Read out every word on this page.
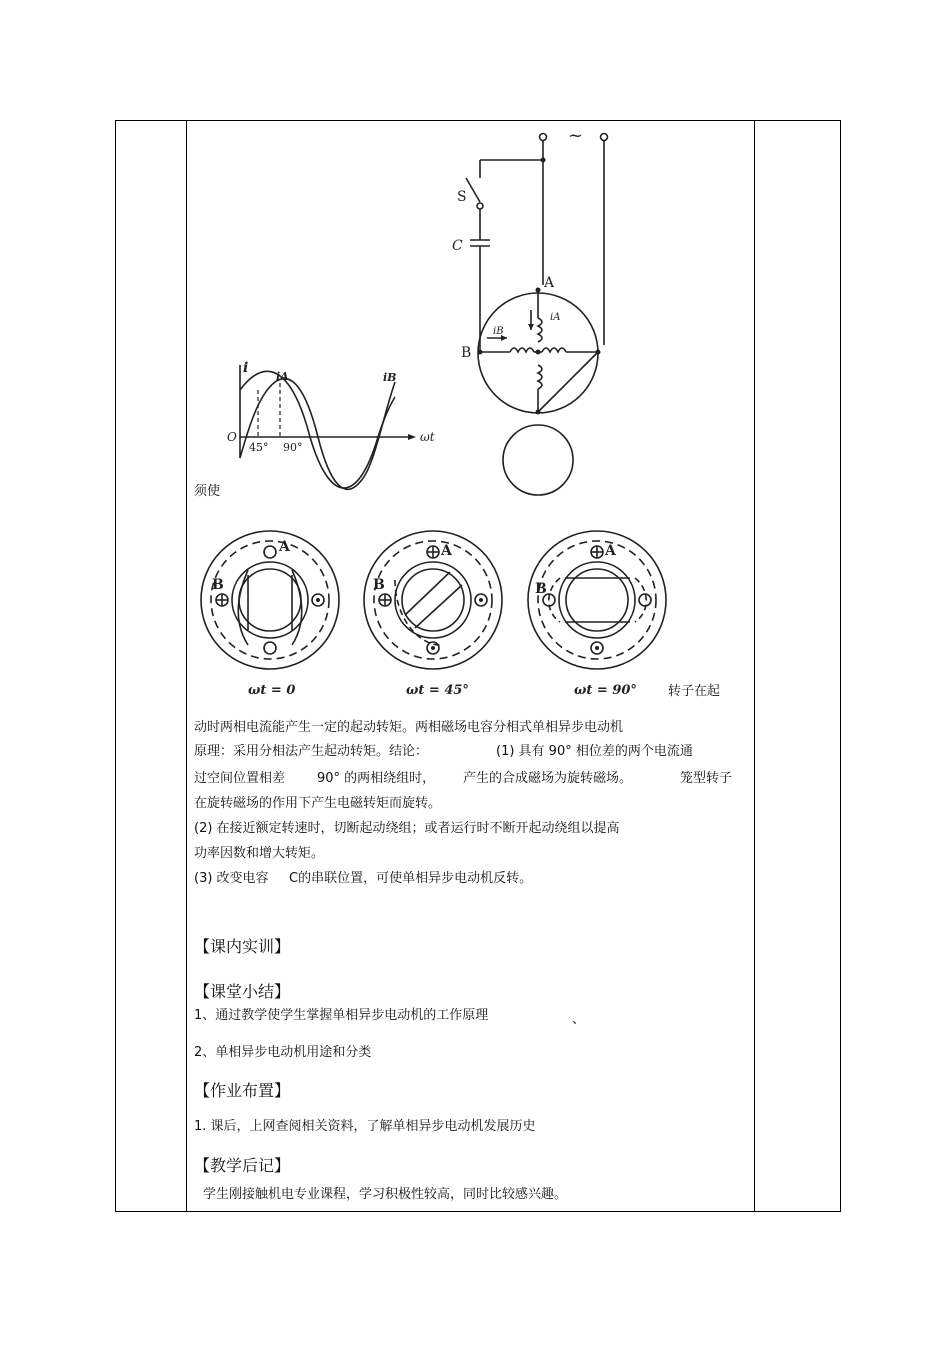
~
S
C
A
B
iA
iB
i
ωt
O
iA	iB
45° 90°
须使
A
B
ωt = 0
A
B
ωt = 45°
A
B
ωt = 90° 转子在起
动时两相电流能产生一定的起动转矩。两相磁场电容分相式单相异步电动机
原理：采用分相法产生起动转矩。结论：	(1) 具有 90° 相位差的两个电流通
过空间位置相差 90° 的两相绕组时， 产生的合成磁场为旋转磁场。	笼型转子
在旋转磁场的作用下产生电磁转矩而旋转。
(2) 在接近额定转速时，切断起动绕组；或者运行时不断开起动绕组以提高
功率因数和增大转矩。
(3) 改变电容 C的串联位置，可使单相异步电动机反转。
【课内实训】
【课堂小结】
1、通过教学使学生掌握单相异步电动机的工作原理	、
2、单相异步电动机用途和分类
【作业布置】
1. 课后，上网查阅相关资料，了解单相异步电动机发展历史
【教学后记】
学生刚接触机电专业课程，学习积极性较高，同时比较感兴趣。
